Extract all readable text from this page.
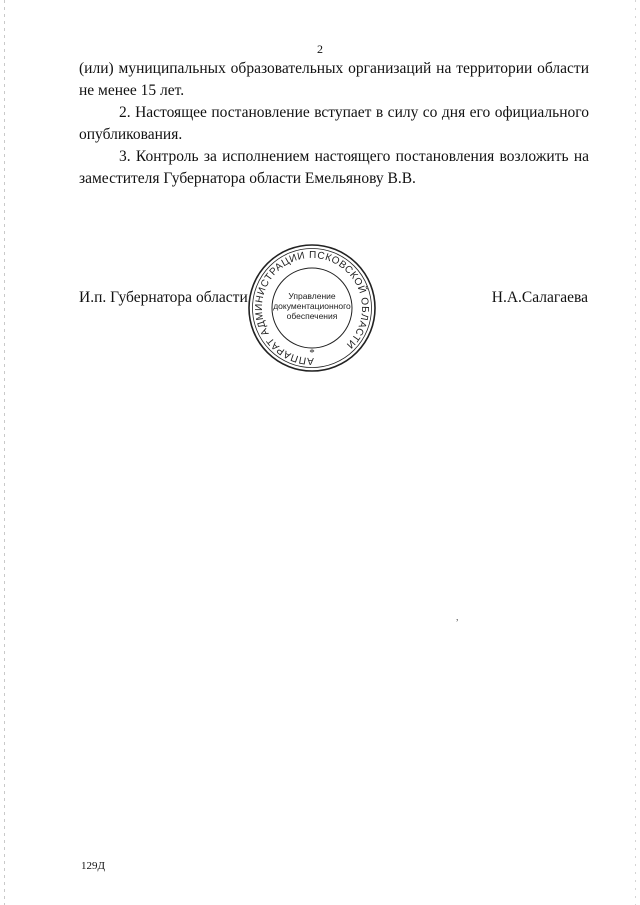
2

(или) муниципальных образовательных организаций на территории области не менее 15 лет.

2. Настоящее постановление вступает в силу со дня его официального опубликования.

3. Контроль за исполнением настоящего постановления возложить на заместителя Губернатора области Емельянову В.В.

И.п. Губернатора области	Н.А.Салагаева
АППАРАТ АДМИНИСТРАЦИИ ПСКОВСКОЙ ОБЛАСТИ
Управление
документационного
обеспечения
*
,
129Д
